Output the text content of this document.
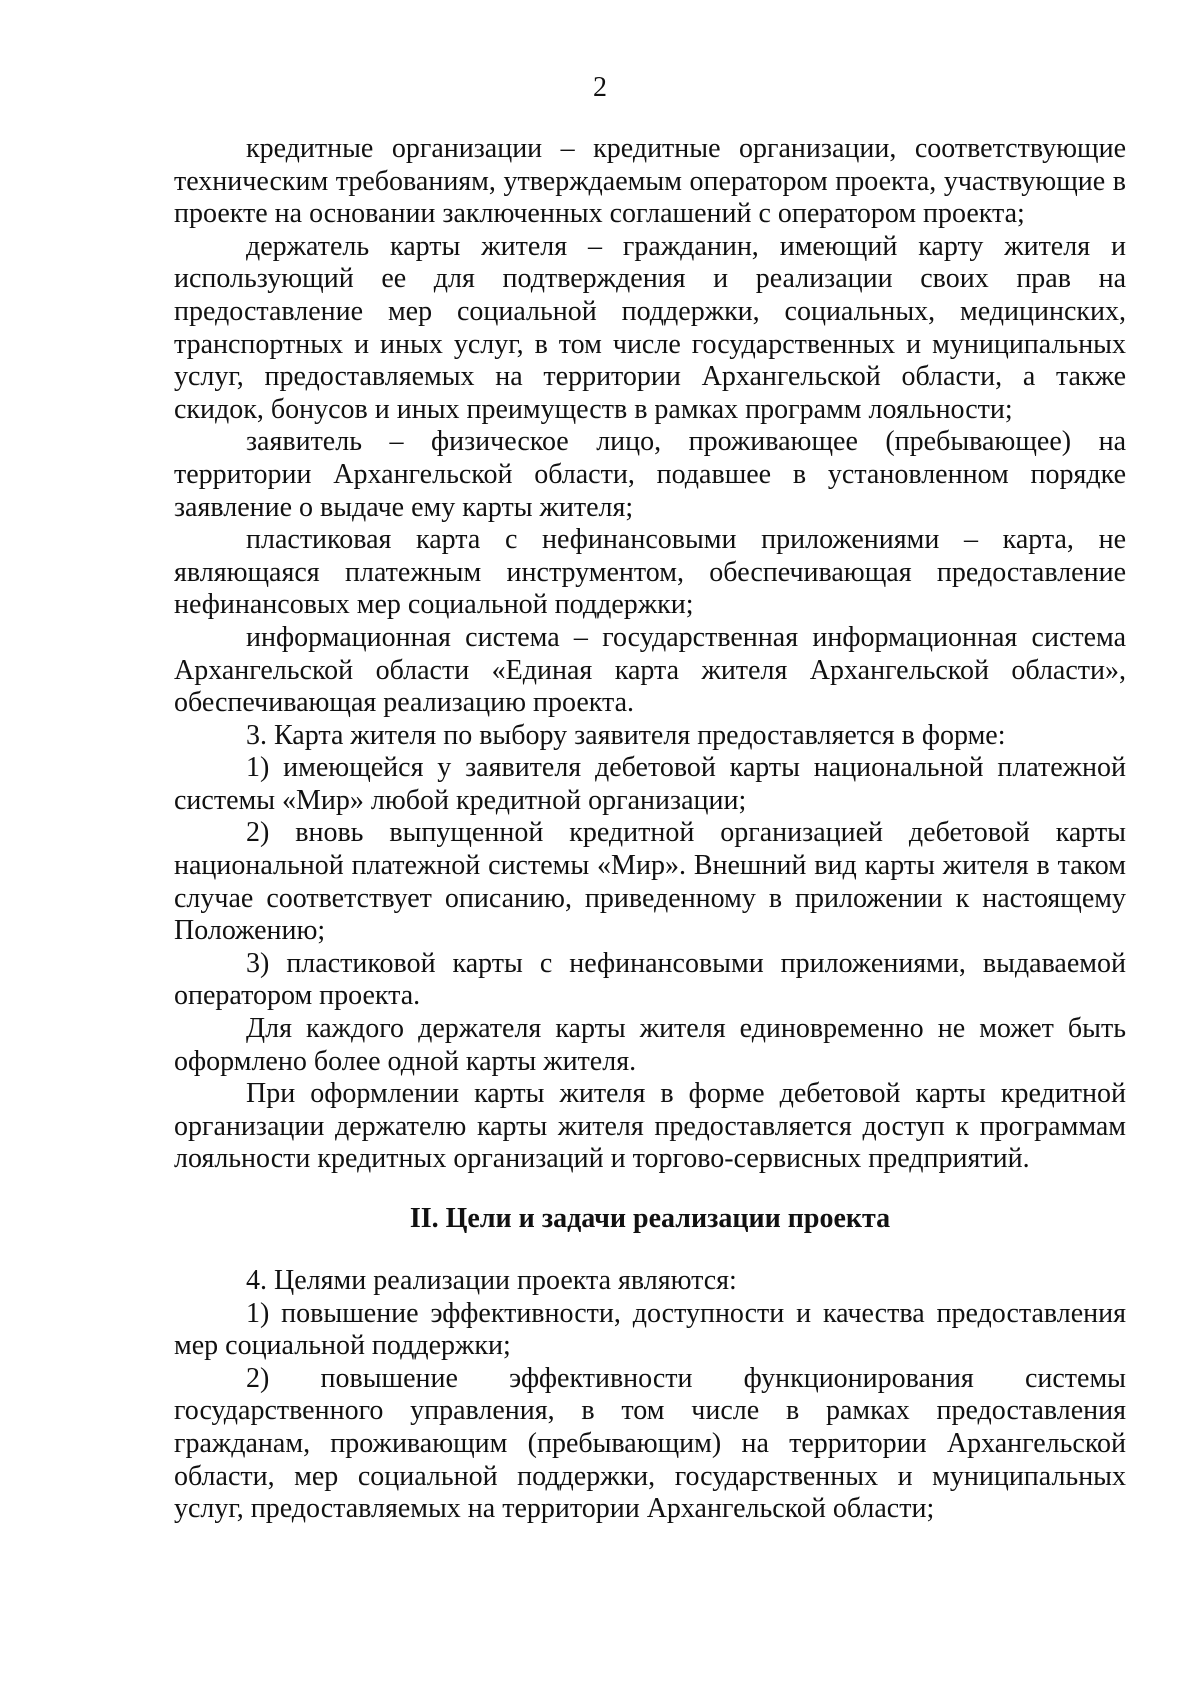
2

кредитные организации – кредитные организации, соответствующие техническим требованиям, утверждаемым оператором проекта, участвующие в проекте на основании заключенных соглашений с оператором проекта;

держатель карты жителя – гражданин, имеющий карту жителя и использующий ее для подтверждения и реализации своих прав на предоставление мер социальной поддержки, социальных, медицинских, транспортных и иных услуг, в том числе государственных и муниципальных услуг, предоставляемых на территории Архангельской области, а также скидок, бонусов и иных преимуществ в рамках программ лояльности;

заявитель – физическое лицо, проживающее (пребывающее) на территории Архангельской области, подавшее в установленном порядке заявление о выдаче ему карты жителя;

пластиковая карта с нефинансовыми приложениями – карта, не являющаяся платежным инструментом, обеспечивающая предоставление нефинансовых мер социальной поддержки;

информационная система – государственная информационная система Архангельской области «Единая карта жителя Архангельской области», обеспечивающая реализацию проекта.

3. Карта жителя по выбору заявителя предоставляется в форме:

1) имеющейся у заявителя дебетовой карты национальной платежной системы «Мир» любой кредитной организации;

2) вновь выпущенной кредитной организацией дебетовой карты национальной платежной системы «Мир». Внешний вид карты жителя в таком случае соответствует описанию, приведенному в приложении к настоящему Положению;

3) пластиковой карты с нефинансовыми приложениями, выдаваемой оператором проекта.

Для каждого держателя карты жителя единовременно не может быть оформлено более одной карты жителя.

При оформлении карты жителя в форме дебетовой карты кредитной организации держателю карты жителя предоставляется доступ к программам лояльности кредитных организаций и торгово-сервисных предприятий.

II. Цели и задачи реализации проекта

4. Целями реализации проекта являются:

1) повышение эффективности, доступности и качества предоставления мер социальной поддержки;

2) повышение эффективности функционирования системы государственного управления, в том числе в рамках предоставления гражданам, проживающим (пребывающим) на территории Архангельской области, мер социальной поддержки, государственных и муниципальных услуг, предоставляемых на территории Архангельской области;
